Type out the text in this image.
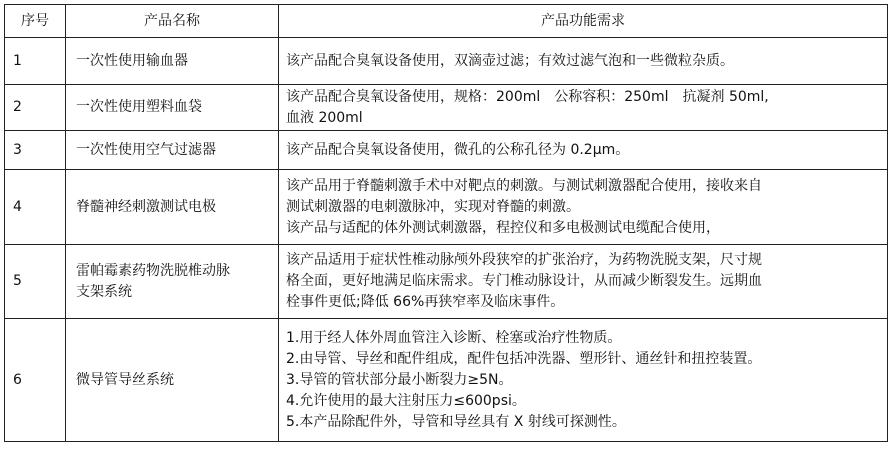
序号	产品名称	产品功能需求
1	一次性使用输血器	该产品配合臭氧设备使用，双滴壶过滤；有效过滤气泡和一些微粒杂质。

2	一次性使用塑料血袋	该产品配合臭氧设备使用，规格：200ml　公称容积：250ml　抗凝剂 50ml,
血液 200ml

3	一次性使用空气过滤器	该产品配合臭氧设备使用，微孔的公称孔径为 0.2μm。

4	脊髓神经刺激测试电极	该产品用于脊髓刺激手术中对靶点的刺激。与测试刺激器配合使用，接收来自
测试刺激器的电刺激脉冲，实现对脊髓的刺激。
该产品与适配的体外测试刺激器，程控仪和多电极测试电缆配合使用，

5	雷帕霉素药物洗脱椎动脉
支架系统	该产品适用于症状性椎动脉颅外段狭窄的扩张治疗，为药物洗脱支架，尺寸规
格全面，更好地满足临床需求。专门椎动脉设计，从而减少断裂发生。远期血
栓事件更低;降低 66%再狭窄率及临床事件。

6	微导管导丝系统	1.用于经人体外周血管注入诊断、栓塞或治疗性物质。
2.由导管、导丝和配件组成，配件包括冲洗器、塑形针、通丝针和扭控装置。
3.导管的管状部分最小断裂力≥5N。
4.允许使用的最大注射压力≤600psi。
5.本产品除配件外，导管和导丝具有 X 射线可探测性。
